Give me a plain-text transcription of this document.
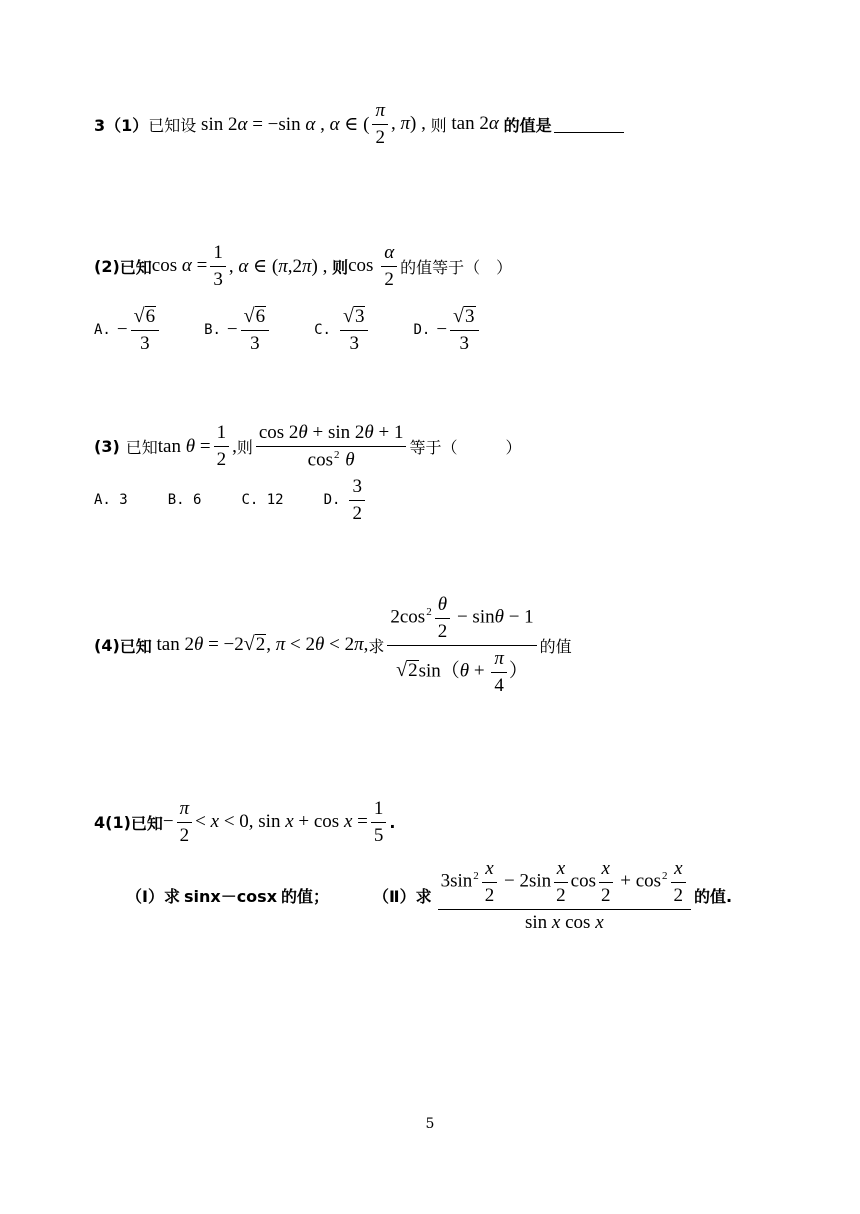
3（1） 已知设 sin 2α = −sin α , α ∈ ( $\frac{\pi}{2}$ , π) , 则 tan 2α 的值是
(2) 已知 $\cos \alpha = \frac{1}{3}$ , α ∈ (π,2π) , 则 $\cos \frac{\alpha}{2}$ 的值等于（　）
A. − $\frac{√ 6}{3}$	B. − $\frac{√ 6}{3}$	C. $\frac{√ 3}{3}$	D. − $\frac{√ 3}{3}$
(3) 已知 $\tan \theta = \frac{1}{2}$ , 则 $\frac{\cos 2\theta + \sin 2\theta + 1}{\cos^2 \theta}$ 等于（　　　）
A. 3	B. 6	C. 12	D. $\frac{3}{2}$
(4) 已知 tan 2θ = −2 √ 2 , π < 2θ < 2π, 求 $\frac{2\cos^2 \frac{\theta}{2} - \sin\theta - 1}{√ 2 \sin(\theta + \frac{\pi}{4} )}$ 的值
4(1) 已知 − $\frac{\pi}{2} < x < 0$, $\sin x + \cos x = \frac{1}{5}$ .
（I）求 sinx－cosx 的值；	（Ⅱ）求 $\frac{3\sin^2 \frac{x}{2} - 2\sin \frac{x}{2} \cos \frac{x}{2} + \cos^2 \frac{x}{2}}{\text{sin x cos x}}$ 的值.
5
